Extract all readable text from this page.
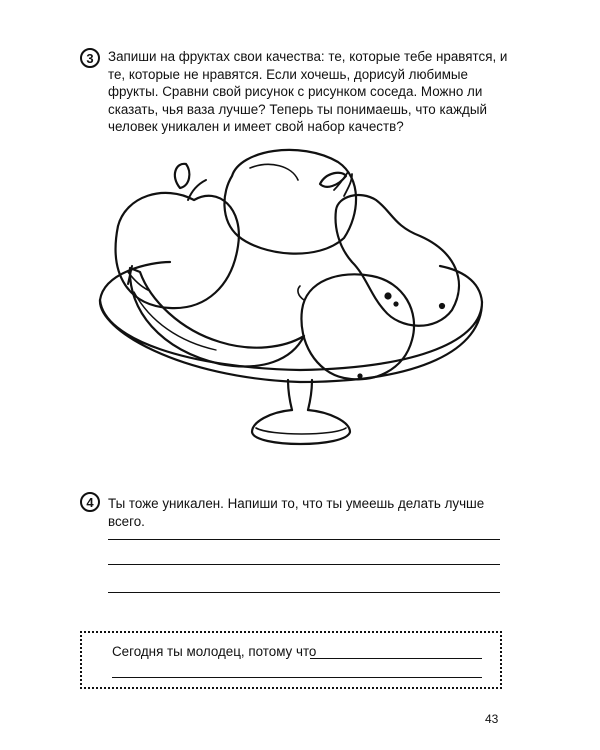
3	Запиши на фруктах свои качества: те, которые тебе нравятся, и те, которые не нравятся. Если хочешь, дорисуй любимые фрукты. Сравни свой рисунок с рисунком соседа. Можно ли сказать, чья ваза лучше? Теперь ты понимаешь, что каждый человек уникален и имеет свой набор качеств?
4	Ты тоже уникален. Напиши то, что ты умеешь делать лучше всего.
Сегодня ты молодец, потому что
43
